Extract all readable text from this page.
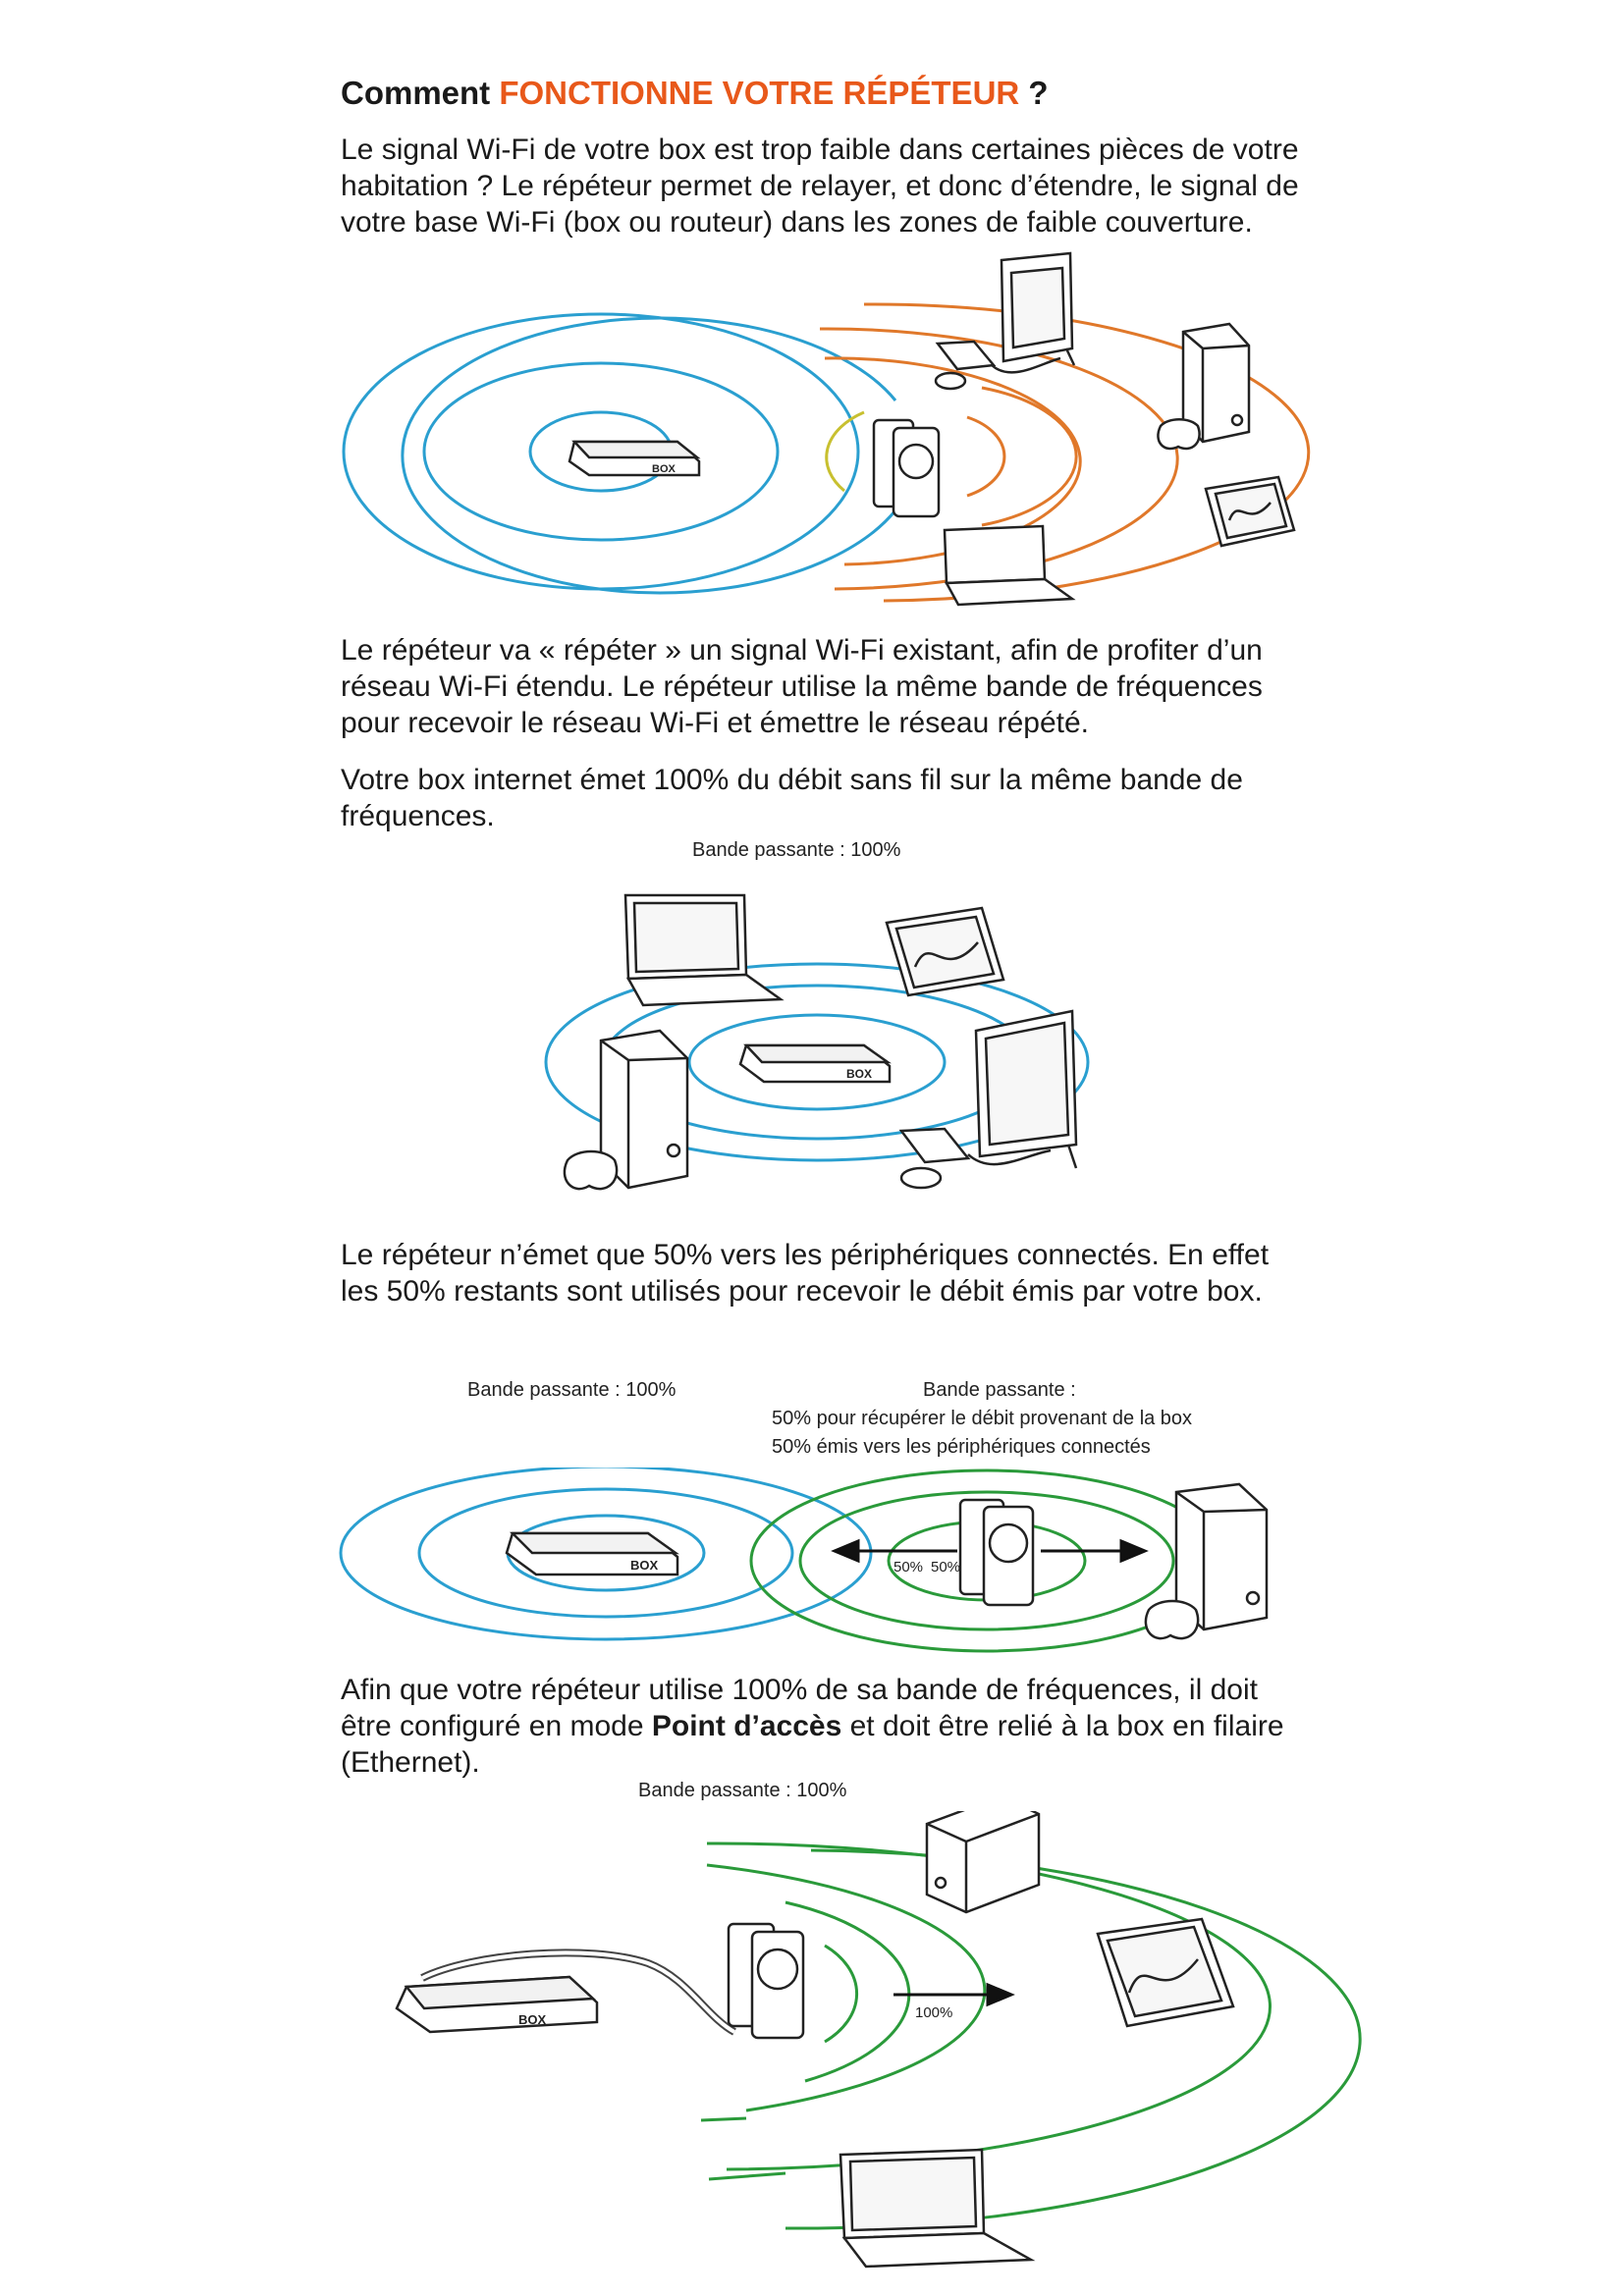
Comment FONCTIONNE VOTRE RÉPÉTEUR ?

Le signal Wi-Fi de votre box est trop faible dans certaines pièces de votre habitation ? Le répéteur permet de relayer, et donc d’étendre, le signal de votre base Wi-Fi (box ou routeur) dans les zones de faible couverture.

BOX

Le répéteur va « répéter » un signal Wi-Fi existant, afin de profiter d’un réseau Wi-Fi étendu. Le répéteur utilise la même bande de fréquences pour recevoir le réseau Wi-Fi et émettre le réseau répété.

Votre box internet émet 100% du débit sans fil sur la même bande de fréquences.

Bande passante : 100%

BOX

Le répéteur n’émet que 50% vers les périphériques connectés. En effet les 50% restants sont utilisés pour recevoir le débit émis par votre box.

Bande passante : 100%	Bande passante :

50% pour récupérer le débit provenant de la box

50% émis vers les périphériques connectés

BOX	50% 50%

Afin que votre répéteur utilise 100% de sa bande de fréquences, il doit être configuré en mode Point d’accès et doit être relié à la box en filaire (Ethernet).

Bande passante : 100%

BOX	100%
